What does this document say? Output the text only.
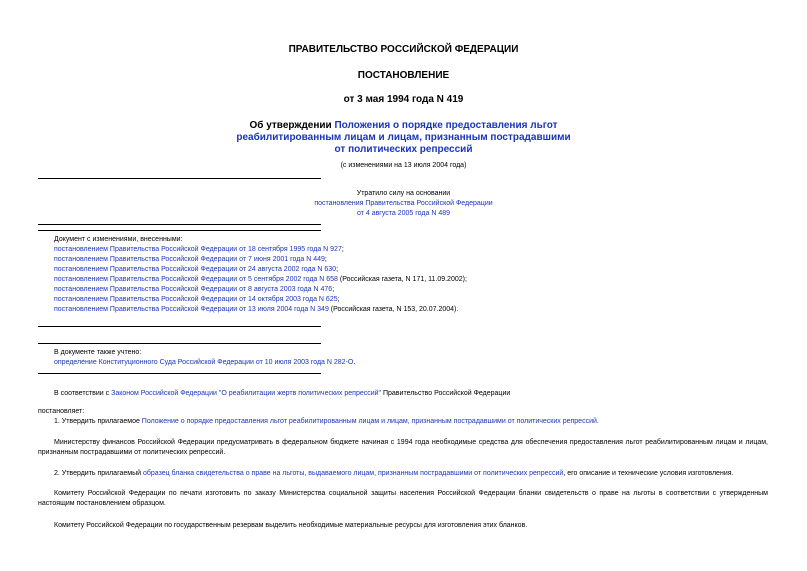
ПРАВИТЕЛЬСТВО РОССИЙСКОЙ ФЕДЕРАЦИИ
ПОСТАНОВЛЕНИЕ
от 3 мая 1994 года N 419
Об утверждении Положения о порядке предоставления льгот
реабилитированным лицам и лицам, признанным пострадавшими
от политических репрессий
(с изменениями на 13 июля 2004 года)
Утратило силу на основании
постановления Правительства Российской Федерации
от 4 августа 2005 года N 489
Документ с изменениями, внесенными:
постановлением Правительства Российской Федерации от 18 сентября 1995 года N 927;
постановлением Правительства Российской Федерации от 7 июня 2001 года N 449;
постановлением Правительства Российской Федерации от 24 августа 2002 года N 630;
постановлением Правительства Российской Федерации от 5 сентября 2002 года N 658 (Российская газета, N 171, 11.09.2002);
постановлением Правительства Российской Федерации от 8 августа 2003 года N 476;
постановлением Правительства Российской Федерации от 14 октября 2003 года N 625;
постановлением Правительства Российской Федерации от 13 июля 2004 года N 349 (Российская газета, N 153, 20.07.2004).
В документе также учтено:
определение Конституционного Суда Российской Федерации от 10 июля 2003 года N 282-О.
В соответствии с Законом Российской Федерации "О реабилитации жертв политических репрессий" Правительство Российской Федерации
постановляет:
1. Утвердить прилагаемое Положение о порядке предоставления льгот реабилитированным лицам и лицам, признанным пострадавшими от политических репрессий.
Министерству финансов Российской Федерации предусматривать в федеральном бюджете начиная с 1994 года необходимые средства для обеспечения предоставления льгот реабилитированным лицам и лицам, признанным пострадавшими от политических репрессий.
2. Утвердить прилагаемый образец бланка свидетельства о праве на льготы, выдаваемого лицам, признанным пострадавшими от политических репрессий, его описание и технические условия изготовления.
Комитету Российской Федерации по печати изготовить по заказу Министерства социальной защиты населения Российской Федерации бланки свидетельств о праве на льготы в соответствии с утвержденным настоящим постановлением образцом.
Комитету Российской Федерации по государственным резервам выделить необходимые материальные ресурсы для изготовления этих бланков.
